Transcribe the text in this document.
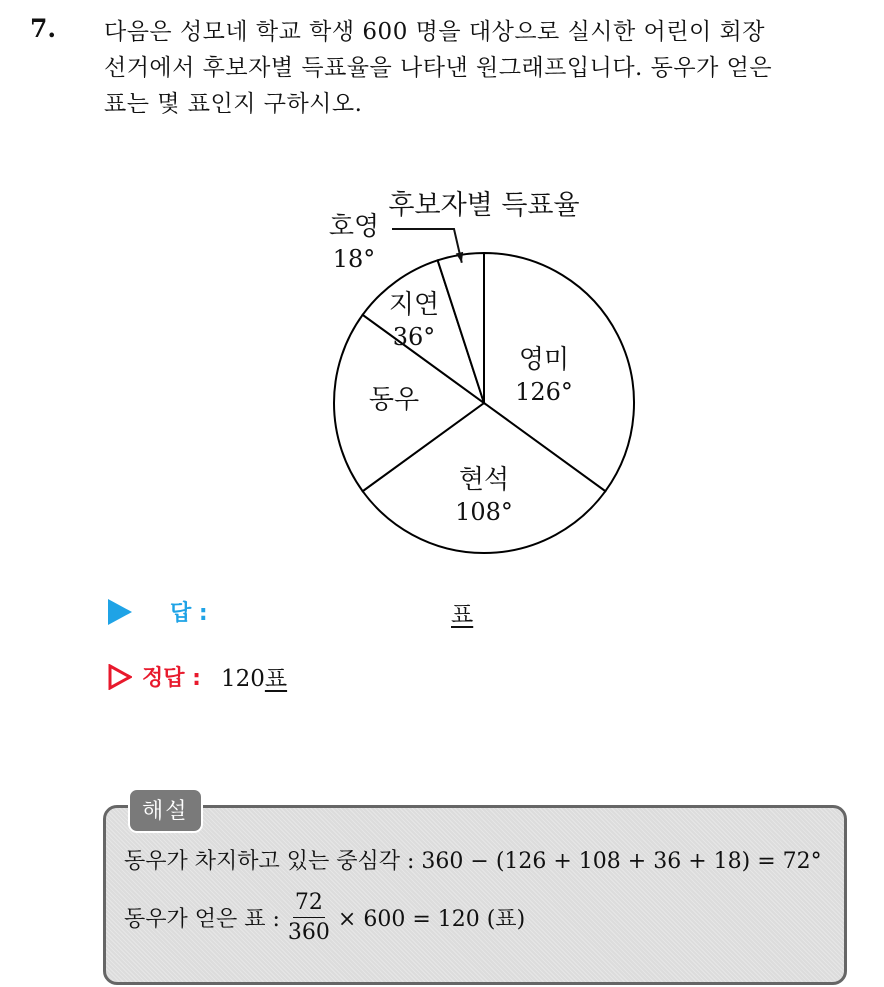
7. 다음은 성모네 학교 학생 600 명을 대상으로 실시한 어린이 회장
선거에서 후보자별 득표율을 나타낸 원그래프입니다. 동우가 얻은
표는 몇 표인지 구하시오.
후보자별 득표율
영미
126°
현석
108°
동우
지연
36°
호영
18°
답 :	표
정답 : 120표
해설
동우가 차지하고 있는 중심각 : 360 − (126 + 108 + 36 + 18) = 72°
동우가 얻은 표 : $\frac{72}{360} \times 600 = 120$ (표)
